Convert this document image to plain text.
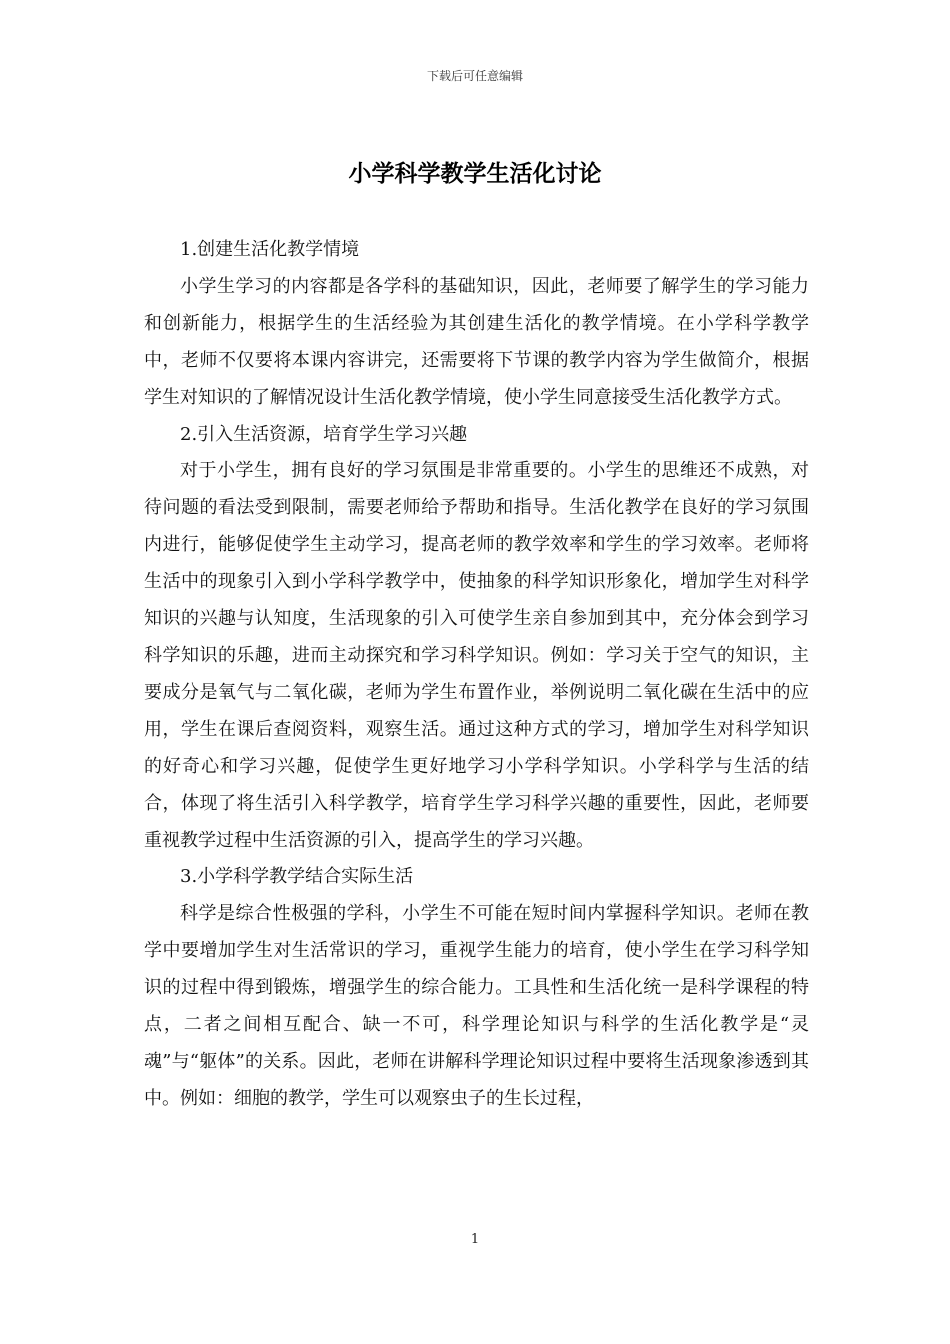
下载后可任意编辑
小学科学教学生活化讨论

1.创建生活化教学情境

小学生学习的内容都是各学科的基础知识，因此，老师要了解学生的学习能力和创新能力，根据学生的生活经验为其创建生活化的教学情境。在小学科学教学中，老师不仅要将本课内容讲完，还需要将下节课的教学内容为学生做简介，根据学生对知识的了解情况设计生活化教学情境，使小学生同意接受生活化教学方式。

2.引入生活资源，培育学生学习兴趣

对于小学生，拥有良好的学习氛围是非常重要的。小学生的思维还不成熟，对待问题的看法受到限制，需要老师给予帮助和指导。生活化教学在良好的学习氛围内进行，能够促使学生主动学习，提高老师的教学效率和学生的学习效率。老师将生活中的现象引入到小学科学教学中，使抽象的科学知识形象化，增加学生对科学知识的兴趣与认知度，生活现象的引入可使学生亲自参加到其中，充分体会到学习科学知识的乐趣，进而主动探究和学习科学知识。例如：学习关于空气的知识，主要成分是氧气与二氧化碳，老师为学生布置作业，举例说明二氧化碳在生活中的应用，学生在课后查阅资料，观察生活。通过这种方式的学习，增加学生对科学知识的好奇心和学习兴趣，促使学生更好地学习小学科学知识。小学科学与生活的结合，体现了将生活引入科学教学，培育学生学习科学兴趣的重要性，因此，老师要重视教学过程中生活资源的引入，提高学生的学习兴趣。

3.小学科学教学结合实际生活

科学是综合性极强的学科，小学生不可能在短时间内掌握科学知识。老师在教学中要增加学生对生活常识的学习，重视学生能力的培育，使小学生在学习科学知识的过程中得到锻炼，增强学生的综合能力。工具性和生活化统一是科学课程的特点，二者之间相互配合、缺一不可，科学理论知识与科学的生活化教学是“灵魂”与“躯体”的关系。因此，老师在讲解科学理论知识过程中要将生活现象渗透到其中。例如：细胞的教学，学生可以观察虫子的生长过程，

1
